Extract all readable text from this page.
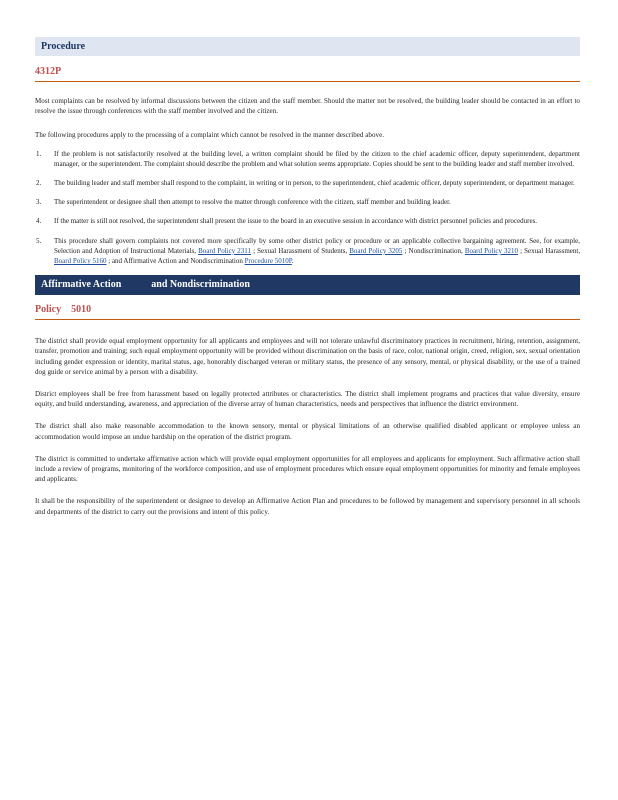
Procedure
4312P

Most complaints can be resolved by informal discussions between the citizen and the staff member. Should the matter not be resolved, the building leader should be contacted in an effort to resolve the issue through conferences with the staff member involved and the citizen.

The following procedures apply to the processing of a complaint which cannot be resolved in the manner described above.

1. If the problem is not satisfactorily resolved at the building level, a written complaint should be filed by the citizen to the chief academic officer, deputy superintendent, department manager, or the superintendent. The complaint should describe the problem and what solution seems appropriate. Copies should be sent to the building leader and staff member involved.
2. The building leader and staff member shall respond to the complaint, in writing or in person, to the superintendent, chief academic officer, deputy superintendent, or department manager.
3. The superintendent or designee shall then attempt to resolve the matter through conference with the citizen, staff member and building leader.
4. If the matter is still not resolved, the superintendent shall present the issue to the board in an executive session in accordance with district personnel policies and procedures.
5. This procedure shall govern complaints not covered more specifically by some other district policy or procedure or an applicable collective bargaining agreement. See, for example, Selection and Adoption of Instructional Materials, Board Policy 2311 ; Sexual Harassment of Students, Board Policy 3205 ; Nondiscrimination, Board Policy 3210 ; Sexual Harassment, Board Policy 5160 ; and Affirmative Action and Nondiscrimination Procedure 5010P.
Affirmative Action	and Nondiscrimination
Policy 5010

The district shall provide equal employment opportunity for all applicants and employees and will not tolerate unlawful discriminatory practices in recruitment, hiring, retention, assignment, transfer, promotion and training; such equal employment opportunity will be provided without discrimination on the basis of race, color, national origin, creed, religion, sex, sexual orientation including gender expression or identity, marital status, age, honorably discharged veteran or military status, the presence of any sensory, mental, or physical disability, or the use of a trained dog guide or service animal by a person with a disability.

District employees shall be free from harassment based on legally protected attributes or characteristics. The district shall implement programs and practices that value diversity, ensure equity, and build understanding, awareness, and appreciation of the diverse array of human characteristics, needs and perspectives that influence the district environment.

The district shall also make reasonable accommodation to the known sensory, mental or physical limitations of an otherwise qualified disabled applicant or employee unless an accommodation would impose an undue hardship on the operation of the district program.

The district is committed to undertake affirmative action which will provide equal employment opportunities for all employees and applicants for employment. Such affirmative action shall include a review of programs, monitoring of the workforce composition, and use of employment procedures which ensure equal employment opportunities for minority and female employees and applicants.

It shall be the responsibility of the superintendent or designee to develop an Affirmative Action Plan and procedures to be followed by management and supervisory personnel in all schools and departments of the district to carry out the provisions and intent of this policy.
